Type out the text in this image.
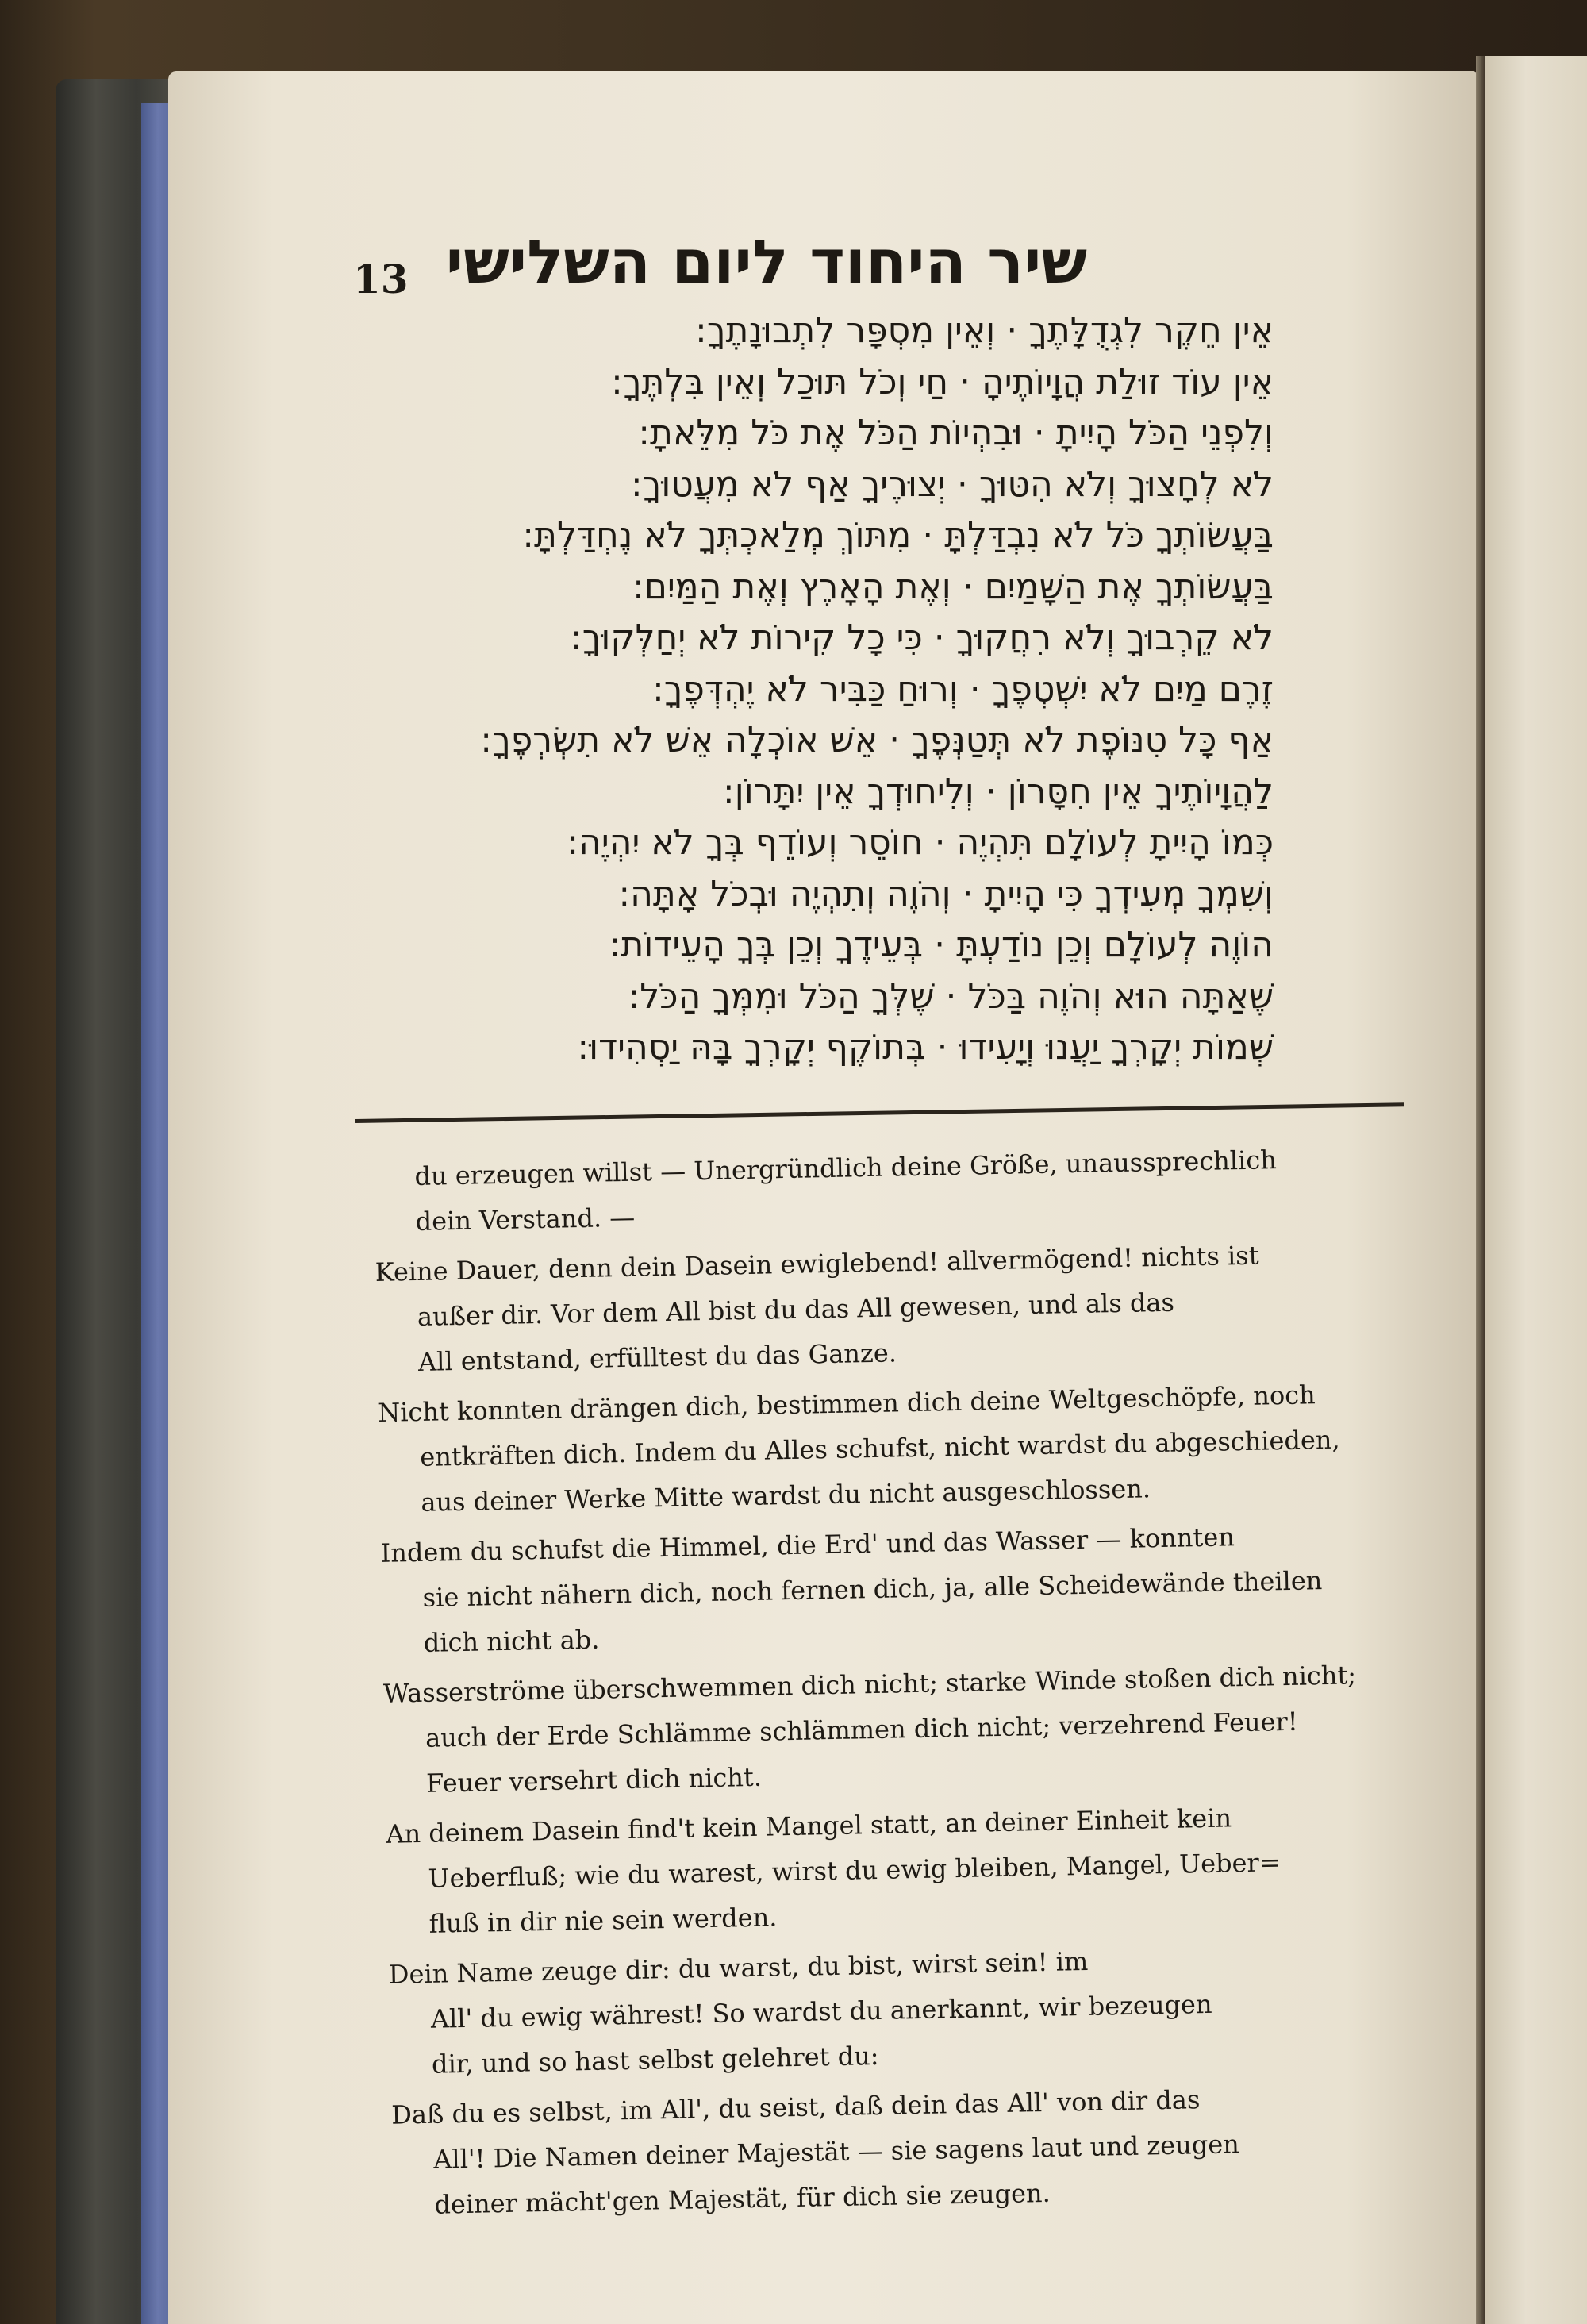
13 שיר היחוד ליום השלישי
אֵין חֵקֶר לִגְדֻלָּתֶךָ · וְאֵין מִסְפָּר לִתְבוּנָתֶךָ:
אֵין עוֹד זוּלַת הֲוָיוֹתֶיהָ · חַי וְכֹל תּוּכַל וְאֵין בִּלְתֶּךָ:
וְלִפְנֵי הַכֹּל הָיִיתָ · וּבִהְיוֹת הַכֹּל אֶת כֹּל מִלֵּאתָ:
לֹא לְחָצוּךָ וְלֹא הִטּוּךָ · יְצוּרֶיךָ אַף לֹא מִעֲטוּךָ:
בַּעֲשׂוֹתְךָ כֹּל לֹא נִבְדַּלְתָּ · מִתּוֹךְ מְלַאכְתְּךָ לֹא נֶחְדַּלְתָּ:
בַּעֲשׂוֹתְךָ אֶת הַשָּׁמַיִם · וְאֶת הָאָרֶץ וְאֶת הַמַּיִם:
לֹא קֵרְבוּךָ וְלֹא רִחֲקוּךָ · כִּי כָל קִירוֹת לֹא יְחַלְּקוּךָ:
זֶרֶם מַיִם לֹא יִשְׁטְפֶךָ · וְרוּחַ כַּבִּיר לֹא יֶהְדְּפֶךָ:
אַף כָּל טִנּוֹפֶת לֹא תְּטַנְּפֶךָ · אֵשׁ אוֹכְלָה אֵשׁ לֹא תִשְׂרְפֶךָ:
לַהֲוָיוֹתֶיךָ אֵין חִסָּרוֹן · וְלִיחוּדְךָ אֵין יִתָּרוֹן:
כְּמוֹ הָיִיתָ לְעוֹלָם תִּהְיֶה · חוֹסֵר וְעוֹדֵף בְּךָ לֹא יִהְיֶה:
וְשִׁמְךָ מְעִידְךָ כִּי הָיִיתָ · וְהֹוֶה וְתִהְיֶה וּבְכֹל אָתָּה:
הוֹוֶה לְעוֹלָם וְכֵן נוֹדַעְתָּ · בְּעֵידֶךָ וְכֵן בְּךָ הָעֵידוֹת:
שֶׁאַתָּה הוּא וְהֹוֶה בַּכֹּל · שֶׁלְּךָ הַכֹּל וּמִמְּךָ הַכֹּל:
שְׁמוֹת יְקָרְךָ יַעֲנוּ וְיָעִידוּ · בְּתוֹקֶף יְקָרְךָ בָּהּ יַסְהִידוּ:
du erzeugen willst — Unergründlich deine Größe, unaussprechlich
dein Verstand. —
Keine Dauer, denn dein Dasein ewiglebend! allvermögend! nichts ist
außer dir. Vor dem All bist du das All gewesen, und als das
All entstand, erfülltest du das Ganze.
Nicht konnten drängen dich, bestimmen dich deine Weltgeschöpfe, noch
entkräften dich. Indem du Alles schufst, nicht wardst du abgeschieden,
aus deiner Werke Mitte wardst du nicht ausgeschlossen.
Indem du schufst die Himmel, die Erd' und das Wasser — konnten
sie nicht nähern dich, noch fernen dich, ja, alle Scheidewände theilen
dich nicht ab.
Wasserströme überschwemmen dich nicht; starke Winde stoßen dich nicht;
auch der Erde Schlämme schlämmen dich nicht; verzehrend Feuer!
Feuer versehrt dich nicht.
An deinem Dasein find't kein Mangel statt, an deiner Einheit kein
Ueberfluß; wie du warest, wirst du ewig bleiben, Mangel, Ueber=
fluß in dir nie sein werden.
Dein Name zeuge dir: du warst, du bist, wirst sein! im
All' du ewig währest! So wardst du anerkannt, wir bezeugen
dir, und so hast selbst gelehret du:
Daß du es selbst, im All', du seist, daß dein das All' von dir das
All'! Die Namen deiner Majestät — sie sagens laut und zeugen
deiner mächt'gen Majestät, für dich sie zeugen.
